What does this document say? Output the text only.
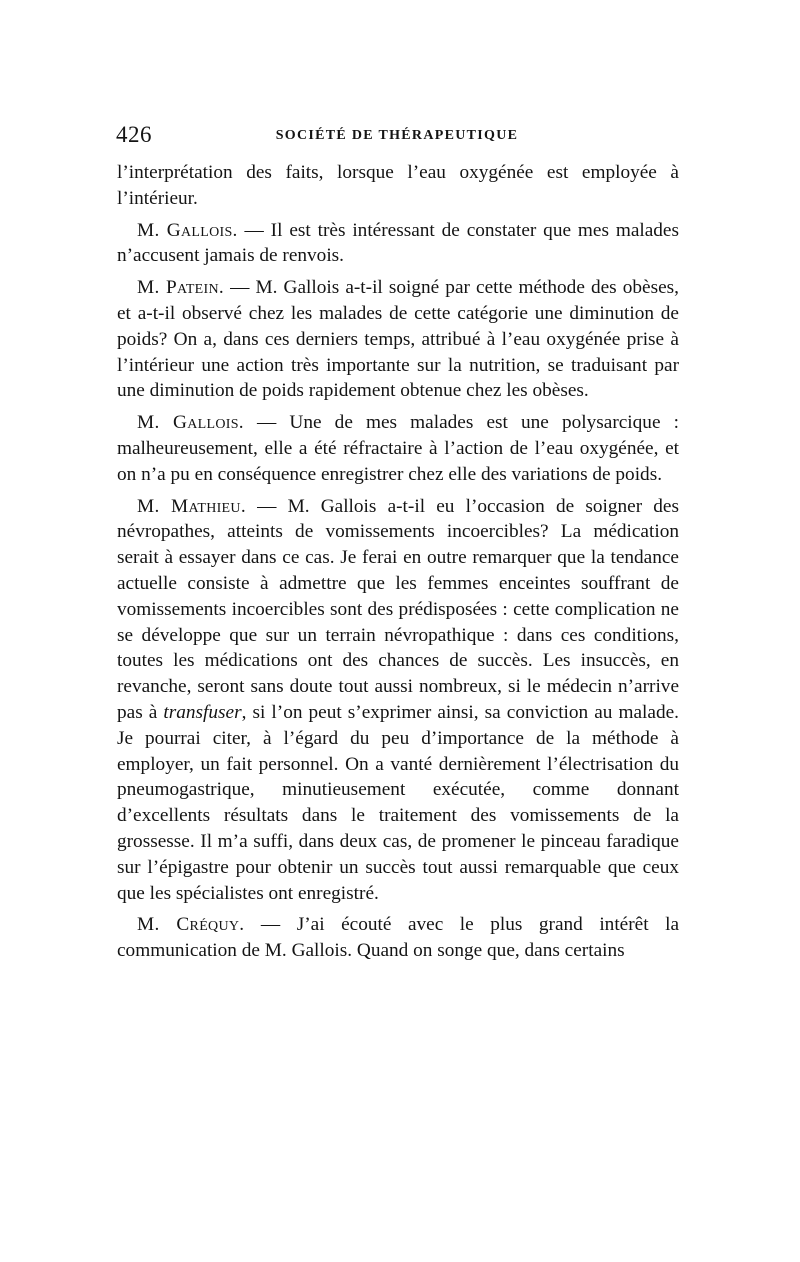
426	SOCIÉTÉ DE THÉRAPEUTIQUE

l’interprétation des faits, lorsque l’eau oxygénée est employée à l’intérieur.

M. Gallois. — Il est très intéressant de constater que mes malades n’accusent jamais de renvois.

M. Patein. — M. Gallois a-t-il soigné par cette méthode des obèses, et a-t-il observé chez les malades de cette catégorie une diminution de poids? On a, dans ces derniers temps, attribué à l’eau oxygénée prise à l’intérieur une action très importante sur la nutrition, se traduisant par une diminution de poids rapidement obtenue chez les obèses.

M. Gallois. — Une de mes malades est une polysarcique : malheureusement, elle a été réfractaire à l’action de l’eau oxygénée, et on n’a pu en conséquence enregistrer chez elle des variations de poids.

M. Mathieu. — M. Gallois a-t-il eu l’occasion de soigner des névropathes, atteints de vomissements incoercibles? La médication serait à essayer dans ce cas. Je ferai en outre remarquer que la tendance actuelle consiste à admettre que les femmes enceintes souffrant de vomissements incoercibles sont des prédisposées : cette complication ne se développe que sur un terrain névropathique : dans ces conditions, toutes les médications ont des chances de succès. Les insuccès, en revanche, seront sans doute tout aussi nombreux, si le médecin n’arrive pas à transfuser, si l’on peut s’exprimer ainsi, sa conviction au malade. Je pourrai citer, à l’égard du peu d’importance de la méthode à employer, un fait personnel. On a vanté dernièrement l’électrisation du pneumogastrique, minutieusement exécutée, comme donnant d’excellents résultats dans le traitement des vomissements de la grossesse. Il m’a suffi, dans deux cas, de promener le pinceau faradique sur l’épigastre pour obtenir un succès tout aussi remarquable que ceux que les spécialistes ont enregistré.

M. Créquy. — J’ai écouté avec le plus grand intérêt la communication de M. Gallois. Quand on songe que, dans certains
